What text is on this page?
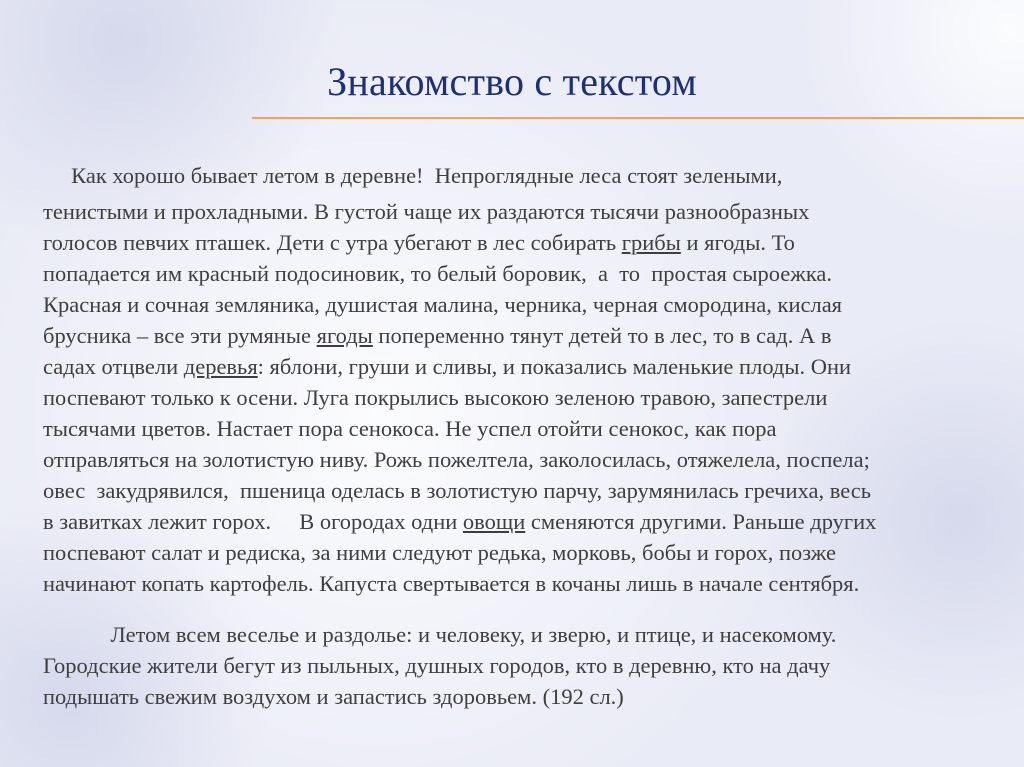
Знакомство с текстом
Как хорошо бывает летом в деревне!  Непроглядные леса стоят зелеными,
тенистыми и прохладными. В густой чаще их раздаются тысячи разнообразных
голосов певчих пташек. Дети с утра убегают в лес собирать грибы и ягоды. То
попадается им красный подосиновик, то белый боровик,  а  то  простая сыроежка.
Красная и сочная земляника, душистая малина, черника, черная смородина, кислая
брусника – все эти румяные ягоды попеременно тянут детей то в лес, то в сад. А в
садах отцвели деревья: яблони, груши и сливы, и показались маленькие плоды. Они
поспевают только к осени. Луга покрылись высокою зеленою травою, запестрели
тысячами цветов. Настает пора сенокоса. Не успел отойти сенокос, как пора
отправляться на золотистую ниву. Рожь пожелтела, заколосилась, отяжелела, поспела;
овес  закудрявился,  пшеница оделась в золотистую парчу, зарумянилась гречиха, весь
в завитках лежит горох.     В огородах одни овощи сменяются другими. Раньше других
поспевают салат и редиска, за ними следуют редька, морковь, бобы и горох, позже
начинают копать картофель. Капуста свертывается в кочаны лишь в начале сентября.
Летом всем веселье и раздолье: и человеку, и зверю, и птице, и насекомому.
Городские жители бегут из пыльных, душных городов, кто в деревню, кто на дачу
подышать свежим воздухом и запастись здоровьем. (192 сл.)
